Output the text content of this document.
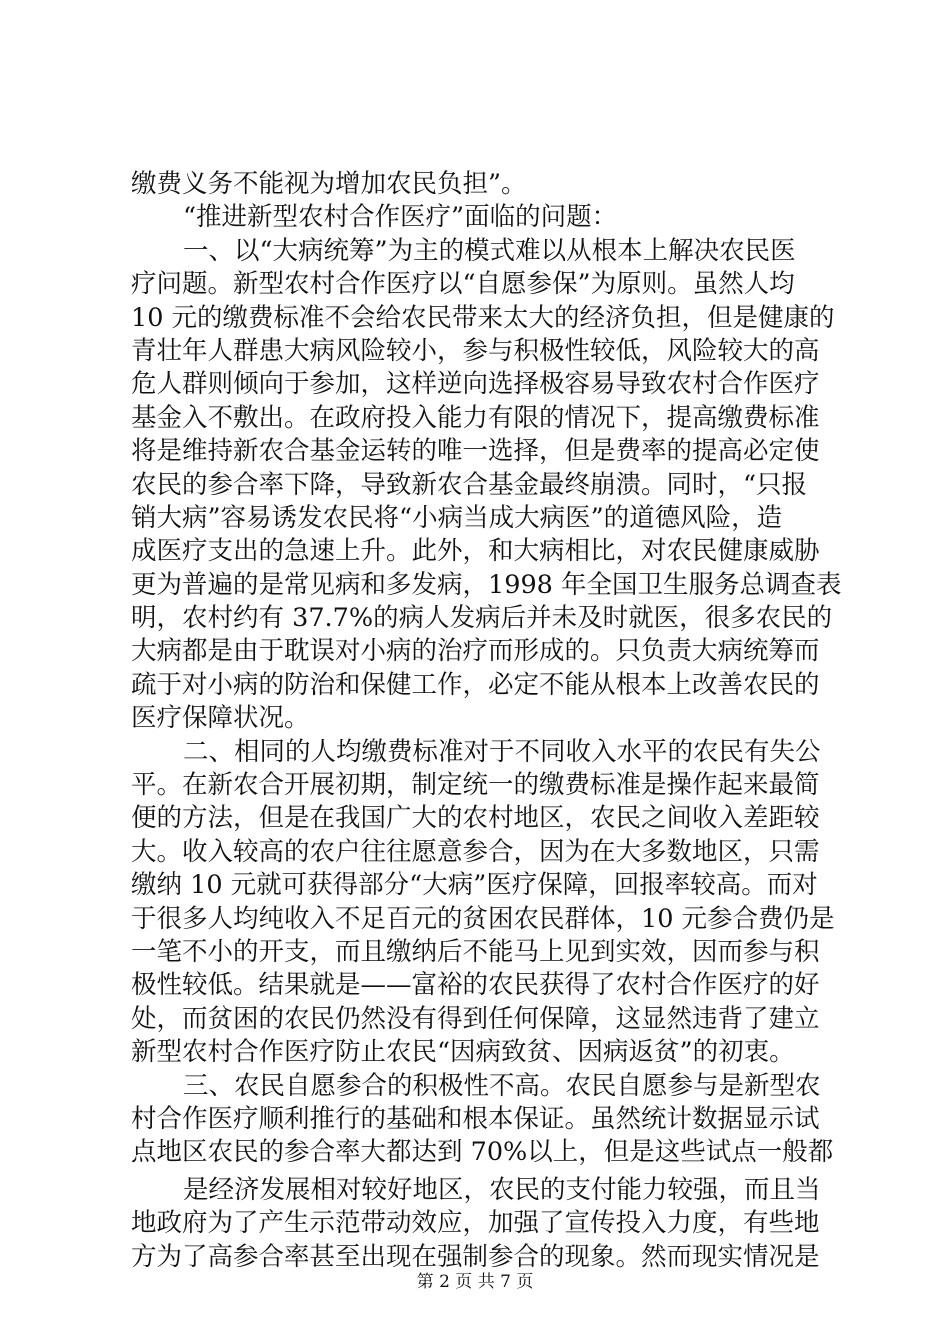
缴费义务不能视为增加农民负担”。
“推进新型农村合作医疗”面临的问题：
一、以“大病统筹”为主的模式难以从根本上解决农民医
疗问题。新型农村合作医疗以“自愿参保”为原则。虽然人均
10 元的缴费标准不会给农民带来太大的经济负担，但是健康的
青壮年人群患大病风险较小，参与积极性较低，风险较大的高
危人群则倾向于参加，这样逆向选择极容易导致农村合作医疗
基金入不敷出。在政府投入能力有限的情况下，提高缴费标准
将是维持新农合基金运转的唯一选择，但是费率的提高必定使
农民的参合率下降，导致新农合基金最终崩溃。同时，“只报
销大病”容易诱发农民将“小病当成大病医”的道德风险，造
成医疗支出的急速上升。此外，和大病相比，对农民健康威胁
更为普遍的是常见病和多发病，1998 年全国卫生服务总调查表
明，农村约有 37.7%的病人发病后并未及时就医，很多农民的
大病都是由于耽误对小病的治疗而形成的。只负责大病统筹而
疏于对小病的防治和保健工作，必定不能从根本上改善农民的
医疗保障状况。
二、相同的人均缴费标准对于不同收入水平的农民有失公
平。在新农合开展初期，制定统一的缴费标准是操作起来最简
便的方法，但是在我国广大的农村地区，农民之间收入差距较
大。收入较高的农户往往愿意参合，因为在大多数地区，只需
缴纳 10 元就可获得部分“大病”医疗保障，回报率较高。而对
于很多人均纯收入不足百元的贫困农民群体，10 元参合费仍是
一笔不小的开支，而且缴纳后不能马上见到实效，因而参与积
极性较低。结果就是——富裕的农民获得了农村合作医疗的好
处，而贫困的农民仍然没有得到任何保障，这显然违背了建立
新型农村合作医疗防止农民“因病致贫、因病返贫”的初衷。
三、农民自愿参合的积极性不高。农民自愿参与是新型农
村合作医疗顺利推行的基础和根本保证。虽然统计数据显示试
点地区农民的参合率大都达到 70%以上，但是这些试点一般都
是经济发展相对较好地区，农民的支付能力较强，而且当
地政府为了产生示范带动效应，加强了宣传投入力度，有些地
方为了高参合率甚至出现在强制参合的现象。然而现实情况是
第 2 页 共 7 页
